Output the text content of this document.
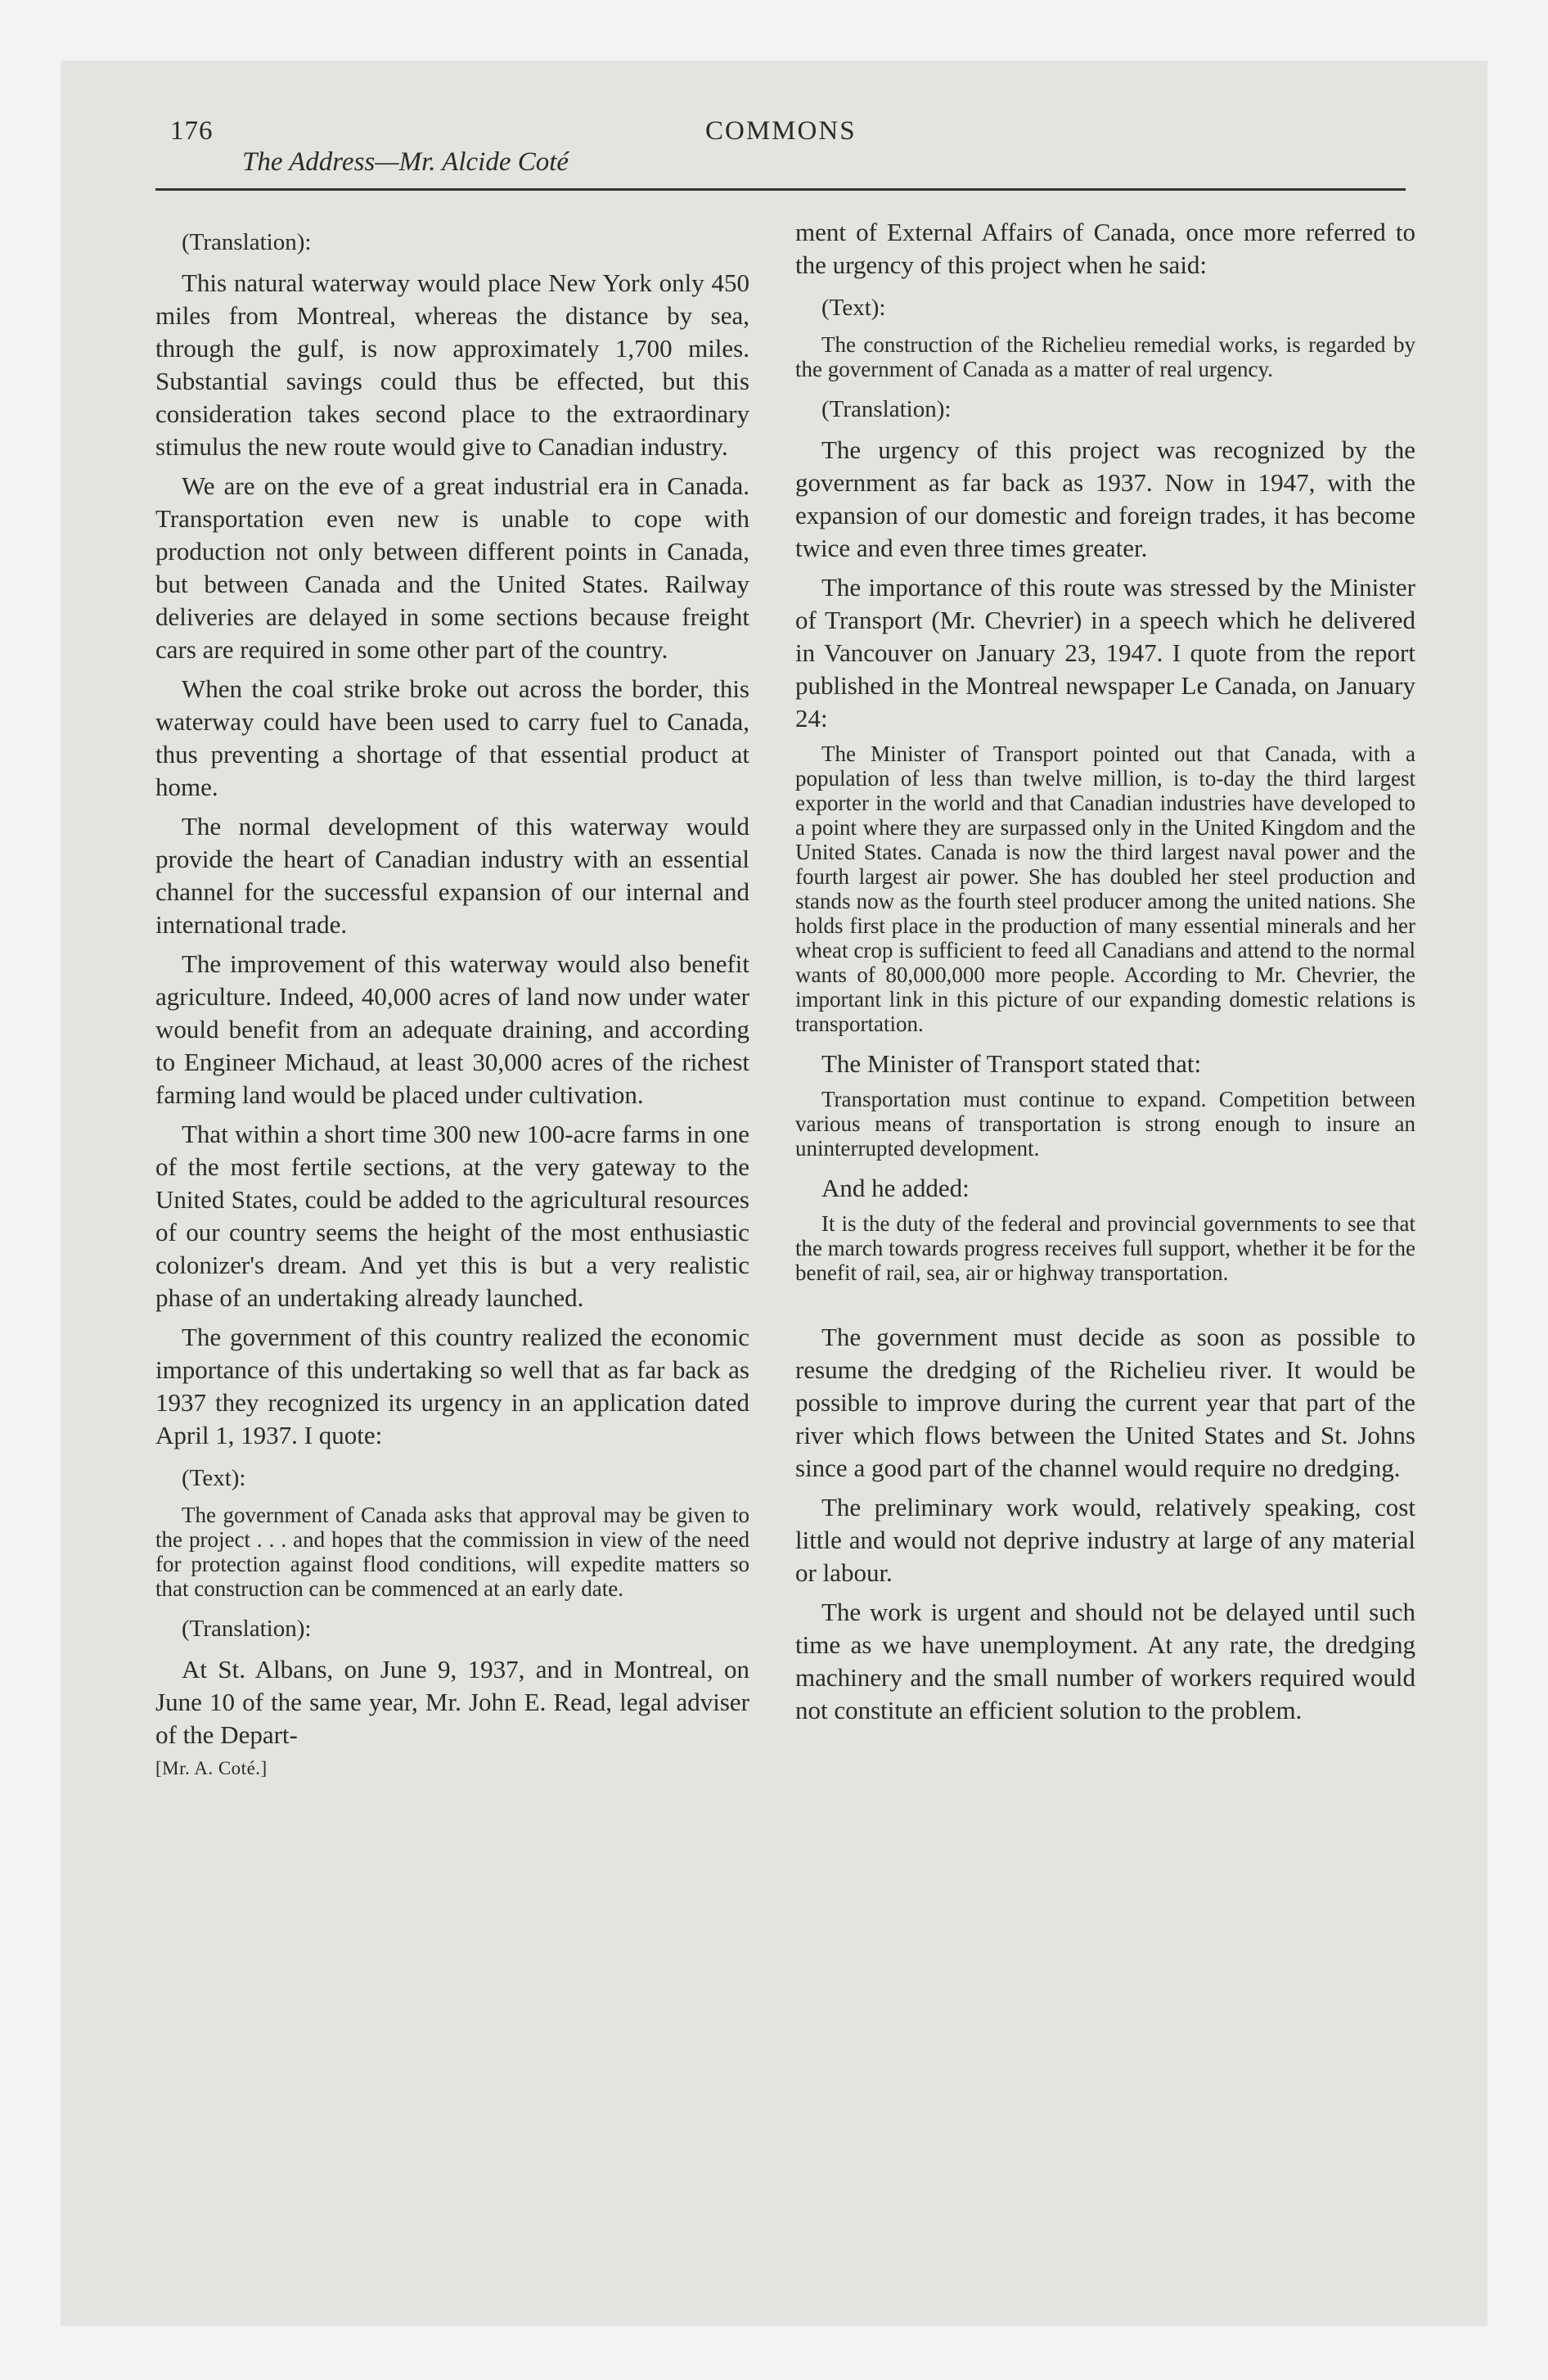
176	COMMONS
The Address—Mr. Alcide Coté

(Translation):

This natural waterway would place New York only 450 miles from Montreal, whereas the distance by sea, through the gulf, is now approximately 1,700 miles. Substantial savings could thus be effected, but this consideration takes second place to the extraordinary stimulus the new route would give to Canadian industry.

We are on the eve of a great industrial era in Canada. Transportation even new is unable to cope with production not only between different points in Canada, but between Canada and the United States. Railway deliveries are delayed in some sections because freight cars are required in some other part of the country.

When the coal strike broke out across the border, this waterway could have been used to carry fuel to Canada, thus preventing a shortage of that essential product at home.

The normal development of this waterway would provide the heart of Canadian industry with an essential channel for the successful expansion of our internal and international trade.

The improvement of this waterway would also benefit agriculture. Indeed, 40,000 acres of land now under water would benefit from an adequate draining, and according to Engineer Michaud, at least 30,000 acres of the richest farming land would be placed under cultivation.

That within a short time 300 new 100-acre farms in one of the most fertile sections, at the very gateway to the United States, could be added to the agricultural resources of our country seems the height of the most enthusiastic colonizer's dream. And yet this is but a very realistic phase of an undertaking already launched.

The government of this country realized the economic importance of this undertaking so well that as far back as 1937 they recognized its urgency in an application dated April 1, 1937. I quote:

(Text):

The government of Canada asks that approval may be given to the project . . . and hopes that the commission in view of the need for protection against flood conditions, will expedite matters so that construction can be commenced at an early date.

(Translation):

At St. Albans, on June 9, 1937, and in Montreal, on June 10 of the same year, Mr. John E. Read, legal adviser of the Depart-

[Mr. A. Coté.]

ment of External Affairs of Canada, once more referred to the urgency of this project when he said:

(Text):

The construction of the Richelieu remedial works, is regarded by the government of Canada as a matter of real urgency.

(Translation):

The urgency of this project was recognized by the government as far back as 1937. Now in 1947, with the expansion of our domestic and foreign trades, it has become twice and even three times greater.

The importance of this route was stressed by the Minister of Transport (Mr. Chevrier) in a speech which he delivered in Vancouver on January 23, 1947. I quote from the report published in the Montreal newspaper Le Canada, on January 24:

The Minister of Transport pointed out that Canada, with a population of less than twelve million, is to-day the third largest exporter in the world and that Canadian industries have developed to a point where they are surpassed only in the United Kingdom and the United States. Canada is now the third largest naval power and the fourth largest air power. She has doubled her steel production and stands now as the fourth steel producer among the united nations. She holds first place in the production of many essential minerals and her wheat crop is sufficient to feed all Canadians and attend to the normal wants of 80,000,000 more people. According to Mr. Chevrier, the important link in this picture of our expanding domestic relations is transportation.

The Minister of Transport stated that:

Transportation must continue to expand. Competition between various means of transportation is strong enough to insure an uninterrupted development.

And he added:

It is the duty of the federal and provincial governments to see that the march towards progress receives full support, whether it be for the benefit of rail, sea, air or highway transportation.

The government must decide as soon as possible to resume the dredging of the Richelieu river. It would be possible to improve during the current year that part of the river which flows between the United States and St. Johns since a good part of the channel would require no dredging.

The preliminary work would, relatively speaking, cost little and would not deprive industry at large of any material or labour.

The work is urgent and should not be delayed until such time as we have unemployment. At any rate, the dredging machinery and the small number of workers required would not constitute an efficient solution to the problem.
